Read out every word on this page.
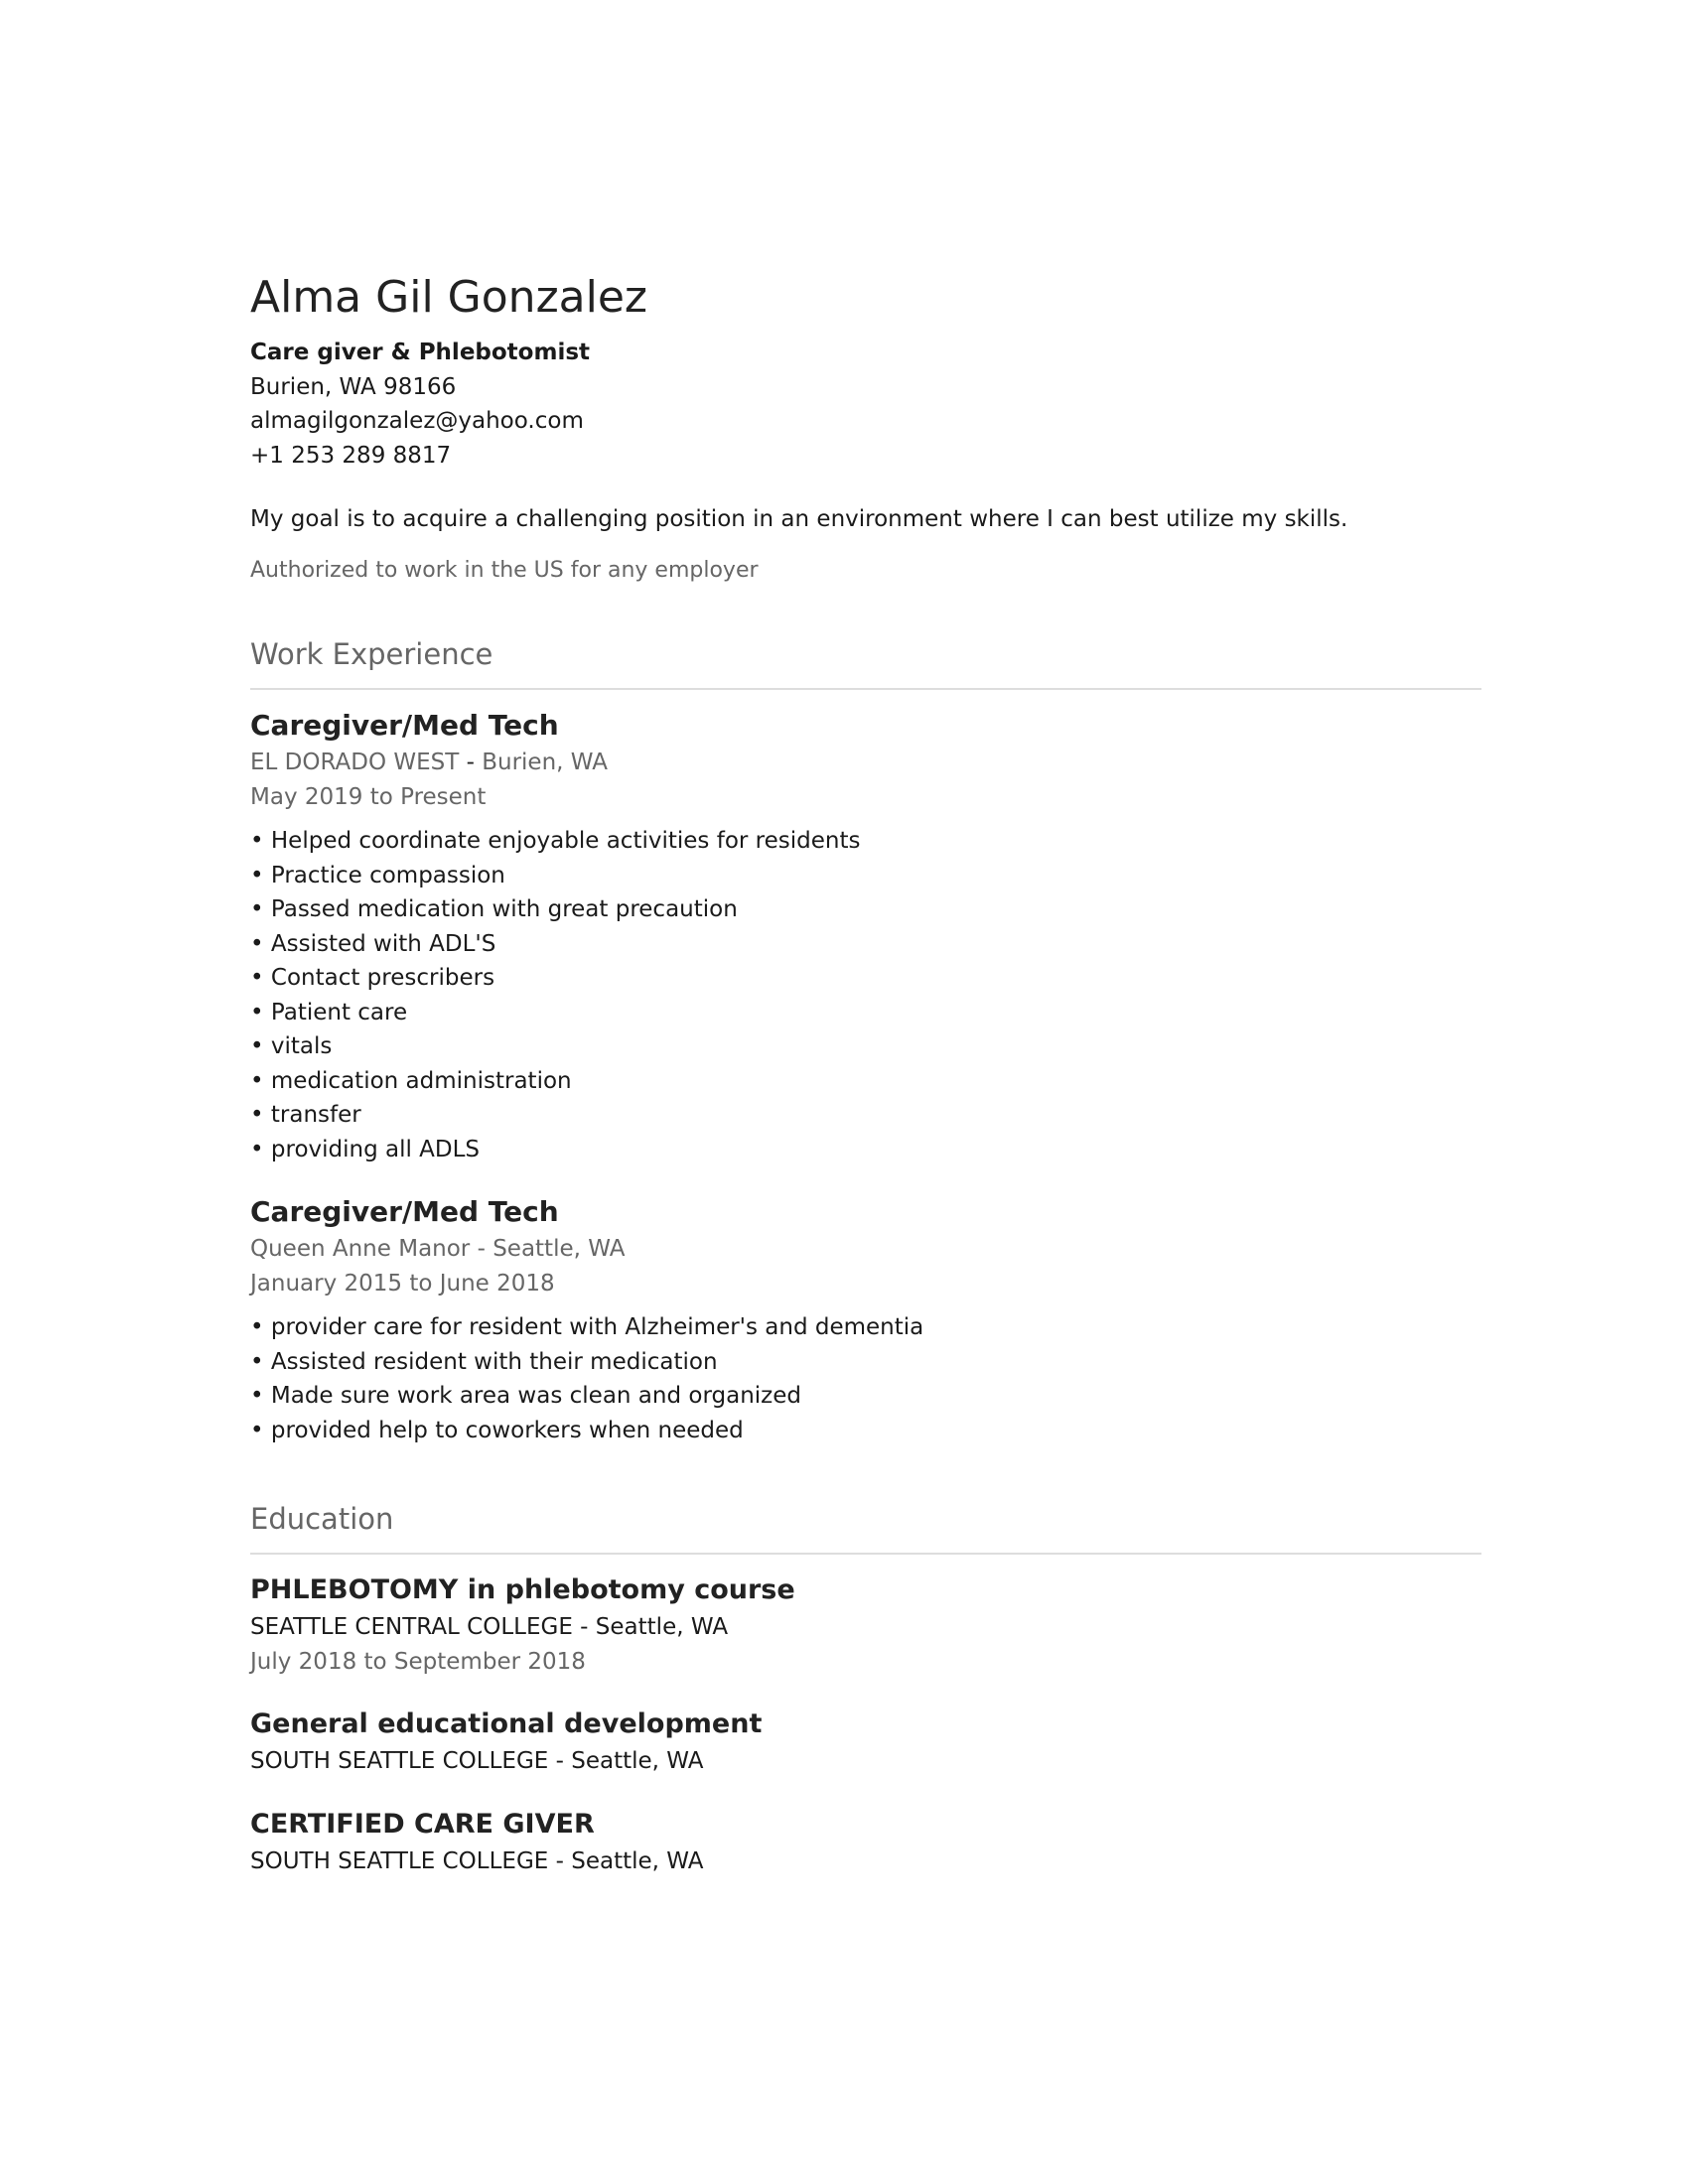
Alma Gil Gonzalez
Care giver & Phlebotomist
Burien, WA 98166
almagilgonzalez@yahoo.com
+1 253 289 8817
My goal is to acquire a challenging position in an environment where I can best utilize my skills.
Authorized to work in the US for any employer
Work Experience
Caregiver/Med Tech
EL DORADO WEST - Burien, WA
May 2019 to Present
• Helped coordinate enjoyable activities for residents
• Practice compassion
• Passed medication with great precaution
• Assisted with ADL'S
• Contact prescribers
• Patient care
• vitals
• medication administration
• transfer
• providing all ADLS
Caregiver/Med Tech
Queen Anne Manor - Seattle, WA
January 2015 to June 2018
• provider care for resident with Alzheimer's and dementia
• Assisted resident with their medication
• Made sure work area was clean and organized
• provided help to coworkers when needed
Education
PHLEBOTOMY in phlebotomy course
SEATTLE CENTRAL COLLEGE - Seattle, WA
July 2018 to September 2018
General educational development
SOUTH SEATTLE COLLEGE - Seattle, WA
CERTIFIED CARE GIVER
SOUTH SEATTLE COLLEGE - Seattle, WA
